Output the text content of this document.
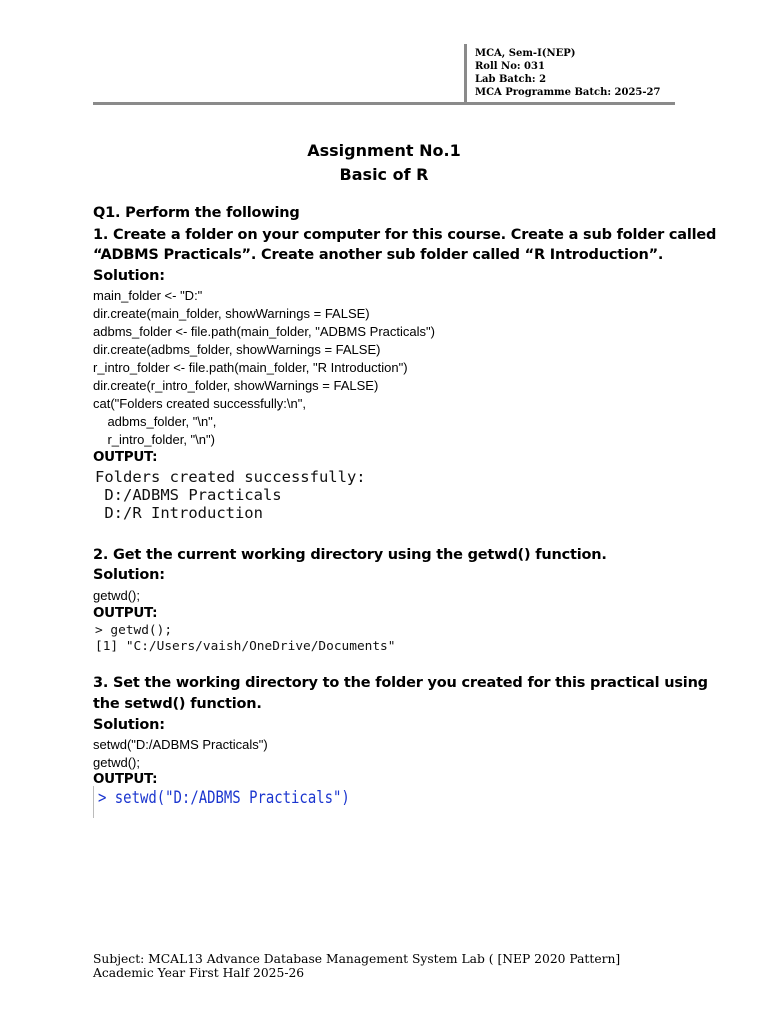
MCA, Sem-I(NEP)
Roll No: 031
Lab Batch: 2
MCA Programme Batch: 2025-27
Assignment No.1
Basic of R
Q1. Perform the following
1. Create a folder on your computer for this course. Create a sub folder called
“ADBMS Practicals”. Create another sub folder called “R Introduction”.
Solution:
main_folder <- "D:"
dir.create(main_folder, showWarnings = FALSE)
adbms_folder <- file.path(main_folder, "ADBMS Practicals")
dir.create(adbms_folder, showWarnings = FALSE)
r_intro_folder <- file.path(main_folder, "R Introduction")
dir.create(r_intro_folder, showWarnings = FALSE)
cat("Folders created successfully:\n",
adbms_folder, "\n",
r_intro_folder, "\n")
OUTPUT:
Folders created successfully:
D:/ADBMS Practicals
D:/R Introduction
2. Get the current working directory using the getwd() function.
Solution:
getwd();
OUTPUT:
> getwd();
[1] "C:/Users/vaish/OneDrive/Documents"
3. Set the working directory to the folder you created for this practical using
the setwd() function.
Solution:
setwd("D:/ADBMS Practicals")
getwd();
OUTPUT:
> setwd("D:/ADBMS Practicals")
Subject: MCAL13 Advance Database Management System Lab ( [NEP 2020 Pattern]
Academic Year First Half 2025-26
